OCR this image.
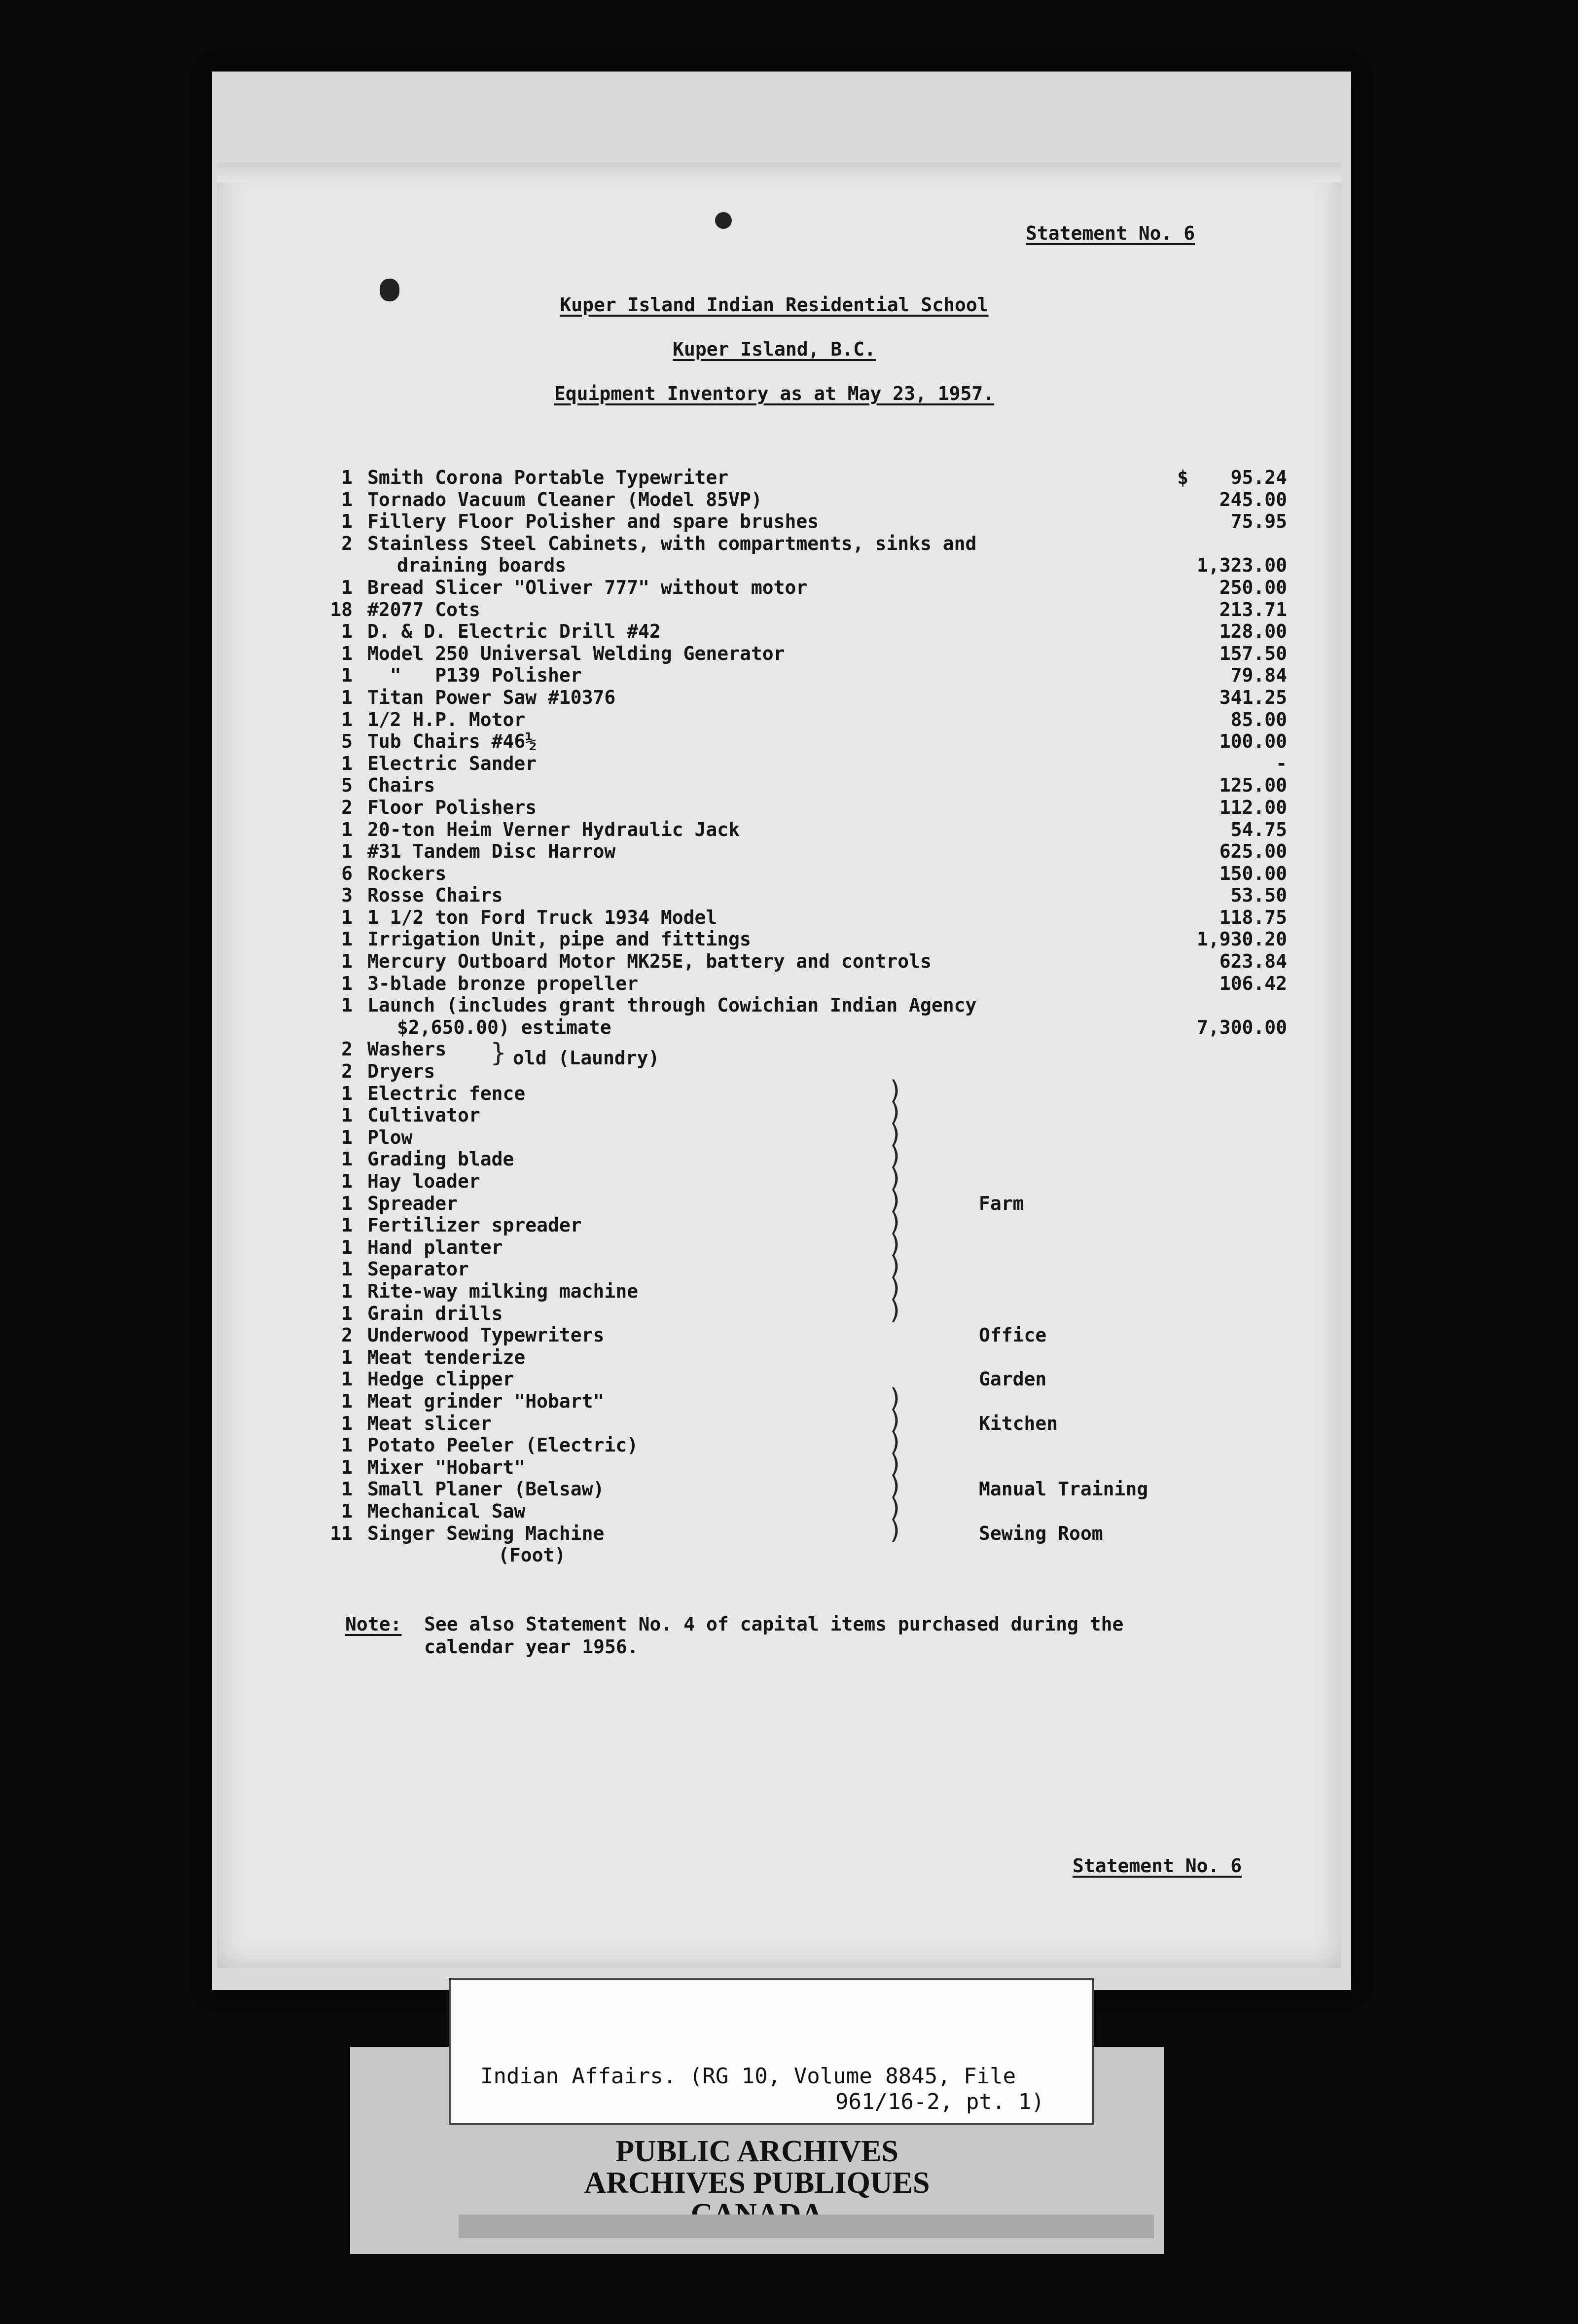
Statement No. 6
Kuper Island Indian Residential School
Kuper Island, B.C.
Equipment Inventory as at May 23, 1957.
1 Smith Corona Portable Typewriter	$ 95.24
1 Tornado Vacuum Cleaner (Model 85VP)	245.00
1 Fillery Floor Polisher and spare brushes	75.95
2 Stainless Steel Cabinets, with compartments, sinks and
draining boards	1,323.00
1 Bread Slicer "Oliver 777" without motor	250.00
18 #2077 Cots	213.71
1 D. & D. Electric Drill #42	128.00
1 Model 250 Universal Welding Generator	157.50
1 "   P139 Polisher	79.84
1 Titan Power Saw #10376	341.25
1 1/2 H.P. Motor	85.00
5 Tub Chairs #46½	100.00
1 Electric Sander	-
5 Chairs	125.00
2 Floor Polishers	112.00
1 20-ton Heim Verner Hydraulic Jack	54.75
1 #31 Tandem Disc Harrow	625.00
6 Rockers	150.00
3 Rosse Chairs	53.50
1 1 1/2 ton Ford Truck 1934 Model	118.75
1 Irrigation Unit, pipe and fittings	1,930.20
1 Mercury Outboard Motor MK25E, battery and controls	623.84
1 3-blade bronze propeller	106.42
1 Launch (includes grant through Cowichian Indian Agency
$2,650.00) estimate	7,300.00
2 Washers } old (Laundry)
2 Dryers
1 Electric fence	)
1 Cultivator	)
1 Plow	)
1 Grading blade	)
1 Hay loader	)
1 Spreader	)	Farm
1 Fertilizer spreader	)
1 Hand planter	)
1 Separator	)
1 Rite-way milking machine	)
1 Grain drills	)
2 Underwood Typewriters	Office
1 Meat tenderize
1 Hedge clipper	Garden
1 Meat grinder "Hobart"	)
1 Meat slicer	)	Kitchen
1 Potato Peeler (Electric)	)
1 Mixer "Hobart"	)
1 Small Planer (Belsaw)	)	Manual Training
1 Mechanical Saw	)
11 Singer Sewing Machine	)	Sewing Room
(Foot)

Note:

See also Statement No. 4 of capital items purchased during the calendar year 1956.

Statement No. 6
Indian Affairs. (RG 10, Volume 8845, File
961/16-2, pt. 1)
PUBLIC ARCHIVES
ARCHIVES PUBLIQUES
